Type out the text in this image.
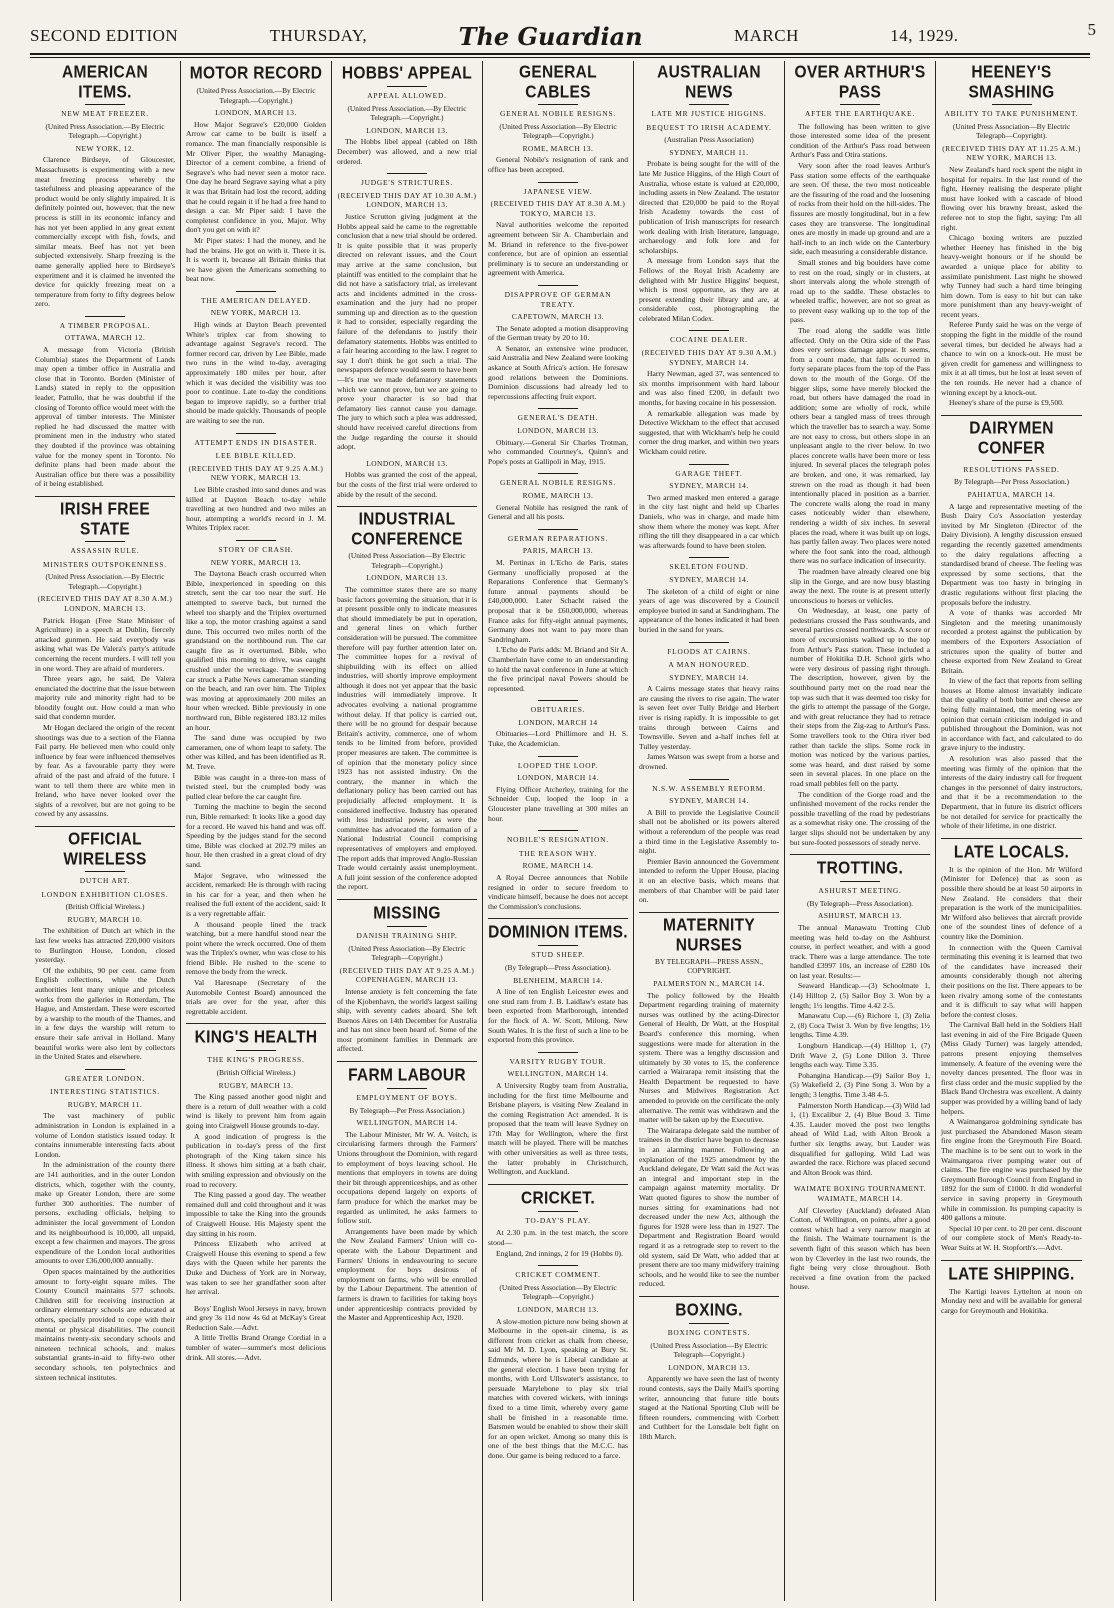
SECOND EDITION	THURSDAY,	The Guardian	MARCH	14, 1929.	5
AMERICAN ITEMS.
NEW MEAT FREEZER.
(United Press Association.—By Electric Telegraph.—Copyright.)
NEW YORK, 12.

Clarence Birdseye, of Gloucester, Massachusetts is experimenting with a new meat freezing process whereby the tastefulness and pleasing appearance of the product would be only slightly impaired. It is definitely pointed out, however, that the new process is still in its economic infancy and has not yet been applied in any great extent commercially except with fish, fowls, and similar meats. Beef has not yet been subjected extensively. Sharp freezing is the name generally applied here to Birdseye's experiment and it is claimed he invented the device for quickly freezing meat on a temperature from forty to fifty degrees below zero.

A TIMBER PROPOSAL.
OTTAWA, MARCH 12.

A message from Victoria (British Columbia) states the Department of Lands may open a timber office in Australia and close that in Toronto. Borden (Minister of Lands) stated in reply to the opposition leader, Pattullo, that he was doubtful if the closing of Toronto office would meet with the approval of timber interests. The Minister replied he had discussed the matter with prominent men in the industry who stated they doubted if the province was obtaining value for the money spent in Toronto. No definite plans had been made about the Australian office but there was a possibility of it being established.

IRISH FREE STATE
ASSASSIN RULE.
MINISTERS OUTSPOKENNESS.
(United Press Association.—By Electric Telegraph.—Copyright.)
(RECEIVED THIS DAY AT 8.30 A.M.) LONDON, MARCH 13.

Patrick Hogan (Free State Minister of Agriculture) in a speech at Dublin, fiercely attacked gunmen. He said everybody was asking what was De Valera's party's attitude concerning the recent murders. I will tell you in one word. They are afraid of murderers.

Three years ago, he said, De Valera enunciated the doctrine that the issue between majority rule and minority right had to be bloodily fought out. How could a man who said that condemn murder.

Mr Hogan declared the origin of the recent shootings was due to a section of the Fianna Fail party. He believed men who could only influence by fear were influenced themselves by fear. As a favourable party they were afraid of the past and afraid of the future. I want to tell them there are white men in Ireland, who have never looked over the sights of a revolver, but are not going to be cowed by any assassins.

OFFICIAL WIRELESS
DUTCH ART.
LONDON EXHIBITION CLOSES.
(British Official Wireless.)
RUGBY, MARCH 10.

The exhibition of Dutch art which in the last few weeks has attracted 220,000 visitors to Burlington House, London, closed yesterday.

Of the exhibits, 90 per cent. came from English collections, while the Dutch authorities lent many unique and priceless works from the galleries in Rotterdam, The Hague, and Amsterdam. These were escorted by a warship to the mouth of the Thames, and in a few days the warship will return to ensure their safe arrival in Holland. Many beautiful works were also lent by collectors in the United States and elsewhere.

GREATER LONDON.
INTERESTING STATISTICS.
RUGBY, MARCH 11.

The vast machinery of public administration in London is explained in a volume of London statistics issued today. It contains innumerable interesting facts about London.

In the administration of the county there are 141 authorities, and in the outer London districts, which, together with the county, make up Greater London, there are some further 300 authorities. The number of persons, excluding officials, helping to administer the local government of London and its neighbourhood is 10,000, all unpaid, except a few chairmen and mayors. The gross expenditure of the London local authorities amounts to over £36,000,000 annually.

Open spaces maintained by the authorities amount to forty-eight square miles. The County Council maintains 577 schools. Children still for receiving instruction at ordinary elementary schools are educated at others, specially provided to cope with their mental or physical disabilities. The council maintains twenty-six secondary schools and nineteen technical schools, and makes substantial grants-in-aid to fifty-two other secondary schools, ten polytechnics and sixteen technical institutes.

MOTOR RECORD
(United Press Association.—By Electric Telegraph.—Copyright.)
LONDON, MARCH 13.

How Major Segrave's £20,000 Golden Arrow car came to be built is itself a romance. The man financially responsible is Mr Oliver Piper, the wealthy Managing-Director of a cement combine, a friend of Segrave's who had never seen a motor race. One day he heard Segrave saying what a pity it was that Britain had lost the record, adding that he could regain it if he had a free hand to design a car. Mr Piper said: I have the completest confidence in you, Major. Why don't you get on with it?

Mr Piper states: I had the money, and he had the brains. He got on with it. There it is. It is worth it, because all Britain thinks that we have given the Americans something to beat now.

THE AMERICAN DELAYED.
NEW YORK, MARCH 13.

High winds at Dayton Beach prevented White's triplex car from showing to advantage against Segrave's record. The former record car, driven by Lee Bible, made two runs in the wind to-day, averaging approximately 180 miles per hour, after which it was decided the visibility was too poor to continue. Late to-day the conditions began to improve rapidly, so a further trial should be made quickly. Thousands of people are waiting to see the run.

ATTEMPT ENDS IN DISASTER.
LEE BIBLE KILLED.
(RECEIVED THIS DAY AT 9.25 A.M.) NEW YORK, MARCH 13.

Lee Bible crashed into sand dunes and was killed at Dayton Beach to-day while travelling at two hundred and two miles an hour, attempting a world's record in J. M. Whites Triplex racer.

STORY OF CRASH.
NEW YORK, MARCH 13.

The Daytona Beach crash occurred when Bible, inexperienced in speeding on this stretch, sent the car too near the surf. He attempted to swerve back, but turned the wheel too sharply and the Triplex overturned like a top, the motor crashing against a sand dune. This occurred two miles north of the grandstand on the northbound run. The car caught fire as it overturned. Bible, who qualified this morning to drive, was caught crushed under the wreckage. The sweeping car struck a Pathe News cameraman standing on the beach, and ran over him. The Triplex was moving at approximately 200 miles an hour when wrecked. Bible previously in one northward run, Bible registered 183.12 miles an hour.

The sand dune was occupied by two cameramen, one of whom leapt to safety. The other was killed, and has been identified as R. M. Treve.

Bible was caught in a three-ton mass of twisted steel, but the crumpled body was pulled clear before the car caught fire.

Turning the machine to begin the second run, Bible remarked: It looks like a good day for a record. He waved his hand and was off. Speeding by the judges stand for the second time, Bible was clocked at 202.79 miles an hour. He then crashed in a great cloud of dry sand.

Major Segrave, who witnessed the accident, remarked: He is through with racing in his car for a year, and then when he realised the full extent of the accident, said: It is a very regrettable affair.

A thousand people lined the track watching, but a mere handful stood near the point where the wreck occurred. One of them was the Triplex's owner, who was close to his friend Bible. He rushed to the scene to remove the body from the wreck.

Val Haresnape (Secretary of the Automobile Contest Board) announced the trials are over for the year, after this regrettable accident.

KING'S HEALTH
THE KING'S PROGRESS.
(British Official Wireless.)
RUGBY, MARCH 13.

The King passed another good night and there is a return of dull weather with a cold wind is likely to prevent him from again going into Craigwell House grounds to-day.

A good indication of progress is the publication in to-day's press of the first photograph of the King taken since his illness. It shows him sitting at a bath chair, with smiling expression and obviously on the road to recovery.

The King passed a good day. The weather remained dull and cold throughout and it was impossible to take the King into the grounds of Craigwell House. His Majesty spent the day sitting in his room.

Princess Elizabeth who arrived at Craigwell House this evening to spend a few days with the Queen while her parents the Duke and Duchess of York are in Norway, was taken to see her grandfather soon after her arrival.

Boys' English Wool Jerseys in navy, brown and grey 3s 11d now 4s 6d at McKay's Great Reduction Sale.—Advt.

A little Trellis Brand Orange Cordial in a tumbler of water—summer's most delicious drink. All stores.—Advt.

HOBBS' APPEAL
APPEAL ALLOWED.
(United Press Association.—By Electric Telegraph.—Copyright.)
LONDON, MARCH 13.

The Hobbs libel appeal (cabled on 18th December) was allowed, and a new trial ordered.

JUDGE'S STRICTURES.
(RECEIVED THIS DAY AT 10.30 A.M.) LONDON, MARCH 13.

Justice Scrutton giving judgment at the Hobbs appeal said he came to the regrettable conclusion that a new trial should be ordered. It is quite possible that it was properly directed on relevant issues, and the Court may arrive at the same conclusion, but plaintiff was entitled to the complaint that he did not have a satisfactory trial, as irrelevant acts and incidents admitted in the cross-examination and the jury had no proper summing up and direction as to the question it had to consider, especially regarding the failure of the defendants to justify their defamatory statements. Hobbs was entitled to a fair hearing according to the law. I regret to say I don't think he got such a trial. The newspapers defence would seem to have been—It's true we made defamatory statements which we cannot prove, but we are going to prove your character is so bad that defamatory lies cannot cause you damage. The jury to which such a plea was addressed, should have received careful directions from the Judge regarding the course it should adopt.

LONDON, MARCH 13.

Hobbs was granted the cost of the appeal, but the costs of the first trial were ordered to abide by the result of the second.

INDUSTRIAL CONFERENCE
(United Press Association—By Electric Telegraph—Copyright.)
LONDON, MARCH 13.

The committee states there are so many basic factors governing the situation, that it is at present possible only to indicate measures that should immediately be put in operation, and general lines on which further consideration will be pursued. The committee therefore will pay further attention later on. The committee hopes for a revival of shipbuilding with its effect on allied industries, will shortly improve employment although it does not yet appear that the basic industries will immediately improve. It advocates evolving a national programme without delay. If that policy is carried out, there will be no ground for despair because Britain's activity, commerce, one of whom tends to be limited from before, provided proper measures are taken. The committee is of opinion that the monetary policy since 1923 has not assisted industry. On the contrary, the manner in which the deflationary policy has been carried out has prejudicially affected employment. It is considered ineffective. Industry has operated with less industrial power, as were the committee has advocated the formation of a National Industrial Council comprising representatives of employers and employed. The report adds that improved Anglo-Russian Trade would certainly assist unemployment. A full joint session of the conference adopted the report.

MISSING
DANISH TRAINING SHIP.
(United Press Association—By Electric Telegraph—Copyright.)
(RECEIVED THIS DAY AT 9.25 A.M.) COPENHAGEN, MARCH 13.

Intense anxiety is felt concerning the fate of the Kjobenhavn, the world's largest sailing ship, with seventy cadets aboard. She left Buenos Aires on 14th December for Australia and has not since been heard of. Some of the most prominent families in Denmark are affected.

FARM LABOUR
EMPLOYMENT OF BOYS.
By Telegraph—Per Press Association.)
WELLINGTON, MARCH 14.

The Labour Minister, Mr W. A. Veitch, is circularising farmers through the Farmers' Unions throughout the Dominion, with regard to employment of boys leaving school. He mentions that employers in towns are doing their bit through apprenticeships, and as other occupations depend largely on exports of farm produce for which the market may be regarded as unlimited, he asks farmers to follow suit.

Arrangements have been made by which the New Zealand Farmers' Union will co-operate with the Labour Department and Farmers' Unions in endeavouring to secure employment for boys desirous of employment on farms, who will be enrolled by the Labour Department. The attention of farmers is drawn to facilities for taking boys under apprenticeship contracts provided by the Master and Apprenticeship Act, 1920.

GENERAL CABLES
GENERAL NOBILE RESIGNS.
(United Press Association—By Electric Telegraph—Copyright.)
ROME, MARCH 13.

General Nobile's resignation of rank and office has been accepted.

JAPANESE VIEW.
(RECEIVED THIS DAY AT 8.30 A.M.) TOKYO, MARCH 13.

Naval authorities welcome the reported agreement between Sir A. Chamberlain and M. Briand in reference to the five-power conference, but are of opinion an essential preliminary is to secure an understanding or agreement with America.

DISAPPROVE OF GERMAN TREATY.
CAPETOWN, MARCH 13.

The Senate adopted a motion disapproving of the German treaty by 20 to 10.

A Senator, an extensive wine producer, said Australia and New Zealand were looking askance at South Africa's action. He foresaw good relations between the Dominions. Dominion discussions had already led to repercussions affecting fruit export.

GENERAL'S DEATH.
LONDON, MARCH 13.

Obituary.—General Sir Charles Trotman, who commanded Courtney's, Quinn's and Pope's posts at Gallipoli in May, 1915.

GENERAL NOBILE RESIGNS.
ROME, MARCH 13.

General Nobile has resigned the rank of General and all his posts.

GERMAN REPARATIONS.
PARIS, MARCH 13.

M. Pertinax in L'Echo de Paris, states Germany unofficially proposed at the Reparations Conference that Germany's future annual payments should be £40,000,000. Later Schacht raised the proposal that it be £60,000,000, whereas France asks for fifty-eight annual payments, Germany does not want to pay more than Sandringham.

L'Echo de Paris adds: M. Briand and Sir A. Chamberlain have come to an understanding to hold the naval conference in June at which the five principal naval Powers should be represented.

OBITUARIES.
LONDON, MARCH 14

Obituaries—Lord Phillimore and H. S. Tuke, the Academician.

LOOPED THE LOOP.
LONDON, MARCH 14.

Flying Officer Atcherley, training for the Schneider Cup, looped the loop in a Gloucester plane travelling at 300 miles an hour.

NOBILE'S RESIGNATION.
THE REASON WHY.
ROME, MARCH 14.

A Royal Decree announces that Nobile resigned in order to secure freedom to vindicate himself, because he does not accept the Commission's conclusions.

DOMINION ITEMS.
STUD SHEEP.
(By Telegraph—Press Association).
BLENHEIM, MARCH 14.

A line of ten English Leicester ewes and one stud ram from J. B. Laidlaw's estate has been exported from Marlborough, intended for the flock of A. W. Scott, Milong, New South Wales. It is the first of such a line to be exported from this province.

VARSITY RUGBY TOUR.
WELLINGTON, MARCH 14.

A University Rugby team from Australia, including for the first time Melbourne and Brisbane players, is visiting New Zealand in the coming Registration Act amended. It is proposed that the team will leave Sydney on 17th May for Wellington, where the first match will be played. There will be matches with other universities as well as three tests, the latter probably in Christchurch, Wellington, and Auckland.

CRICKET.
TO-DAY'S PLAY.

At 2.30 p.m. in the test match, the score stood—

England, 2nd innings, 2 for 19 (Hobbs 0).

CRICKET COMMENT.
(United Press Association—By Electric Telegraph—Copyright.)
LONDON, MARCH 13.

A slow-motion picture now being shown at Melbourne in the open-air cinema, is as different from cricket as chalk from cheese, said Mr M. D. Lyon, speaking at Bury St. Edmunds, where he is Liberal candidate at the general election. I have been trying for months, with Lord Ullswater's assistance, to persuade Marylebone to play six trial matches with covered wickets, with innings fixed to a time limit, whereby every game shall be finished in a reasonable time. Batsmen would be enabled to show their skill for an open wicket. Among so many this is one of the best things that the M.C.C. has done. Our game is being reduced to a farce.

AUSTRALIAN NEWS
LATE MR JUSTICE HIGGINS.
BEQUEST TO IRISH ACADEMY.
(Australian Press Association)
SYDNEY, MARCH 11.

Probate is being sought for the will of the late Mr Justice Higgins, of the High Court of Australia, whose estate is valued at £20,000, including assets in New Zealand. The testator directed that £20,000 be paid to the Royal Irish Academy towards the cost of publication of Irish manuscripts for research work dealing with Irish literature, language, archaeology and folk lore and for scholarships.

A message from London says that the Fellows of the Royal Irish Academy are delighted with Mr Justice Higgins' bequest, which is most opportune, as they are at present extending their library and are, at considerable cost, photographing the celebrated Milan Codex.

COCAINE DEALER.
(RECEIVED THIS DAY AT 9.30 A.M.) SYDNEY, MARCH 14.

Harry Newman, aged 37, was sentenced to six months imprisonment with hard labour and was also fined £200, in default two months, for having cocaine in his possession.

A remarkable allegation was made by Detective Wickham to the effect that accused suggested, that with Wickham's help he could corner the drug market, and within two years Wickham could retire.

GARAGE THEFT.
SYDNEY, MARCH 14.

Two armed masked men entered a garage in the city last night and held up Charles Daniels, who was in charge, and made him show them where the money was kept. After rifling the till they disappeared in a car which was afterwards found to have been stolen.

SKELETON FOUND.
SYDNEY, MARCH 14.

The skeleton of a child of eight or nine years of age was discovered by a Council employee buried in sand at Sandringham. The appearance of the bones indicated it had been buried in the sand for years.

FLOODS AT CAIRNS.
A MAN HONOURED.
SYDNEY, MARCH 14.

A Cairns message states that heavy rains are causing the rivers to rise again. The water is seven feet over Tully Bridge and Herbert river is rising rapidly. It is impossible to get trains through between Cairns and Townsville. Seven and a-half inches fell at Tulley yesterday.

James Watson was swept from a horse and drowned.

N.S.W. ASSEMBLY REFORM.
SYDNEY, MARCH 14.

A Bill to provide the Legislative Council shall not be abolished or its powers altered without a referendum of the people was read a third time in the Legislative Assembly to-night.

Premier Bavin announced the Government intended to reform the Upper House, placing it on an elective basis, which means that members of that Chamber will be paid later on.

MATERNITY NURSES
BY TELEGRAPH—PRESS ASSN., COPYRIGHT.
PALMERSTON N., MARCH 14.

The policy followed by the Health Department regarding training of maternity nurses was outlined by the acting-Director General of Health, Dr Watt, at the Hospital Board's conference this morning, when suggestions were made for alteration in the system. There was a lengthy discussion and ultimately by 30 votes to 15, the conference carried a Wairarapa remit insisting that the Health Department be requested to have Nurses and Midwives Registration Act amended to provide on the certificate the only alternative. The remit was withdrawn and the matter will be taken up by the Executive.

The Wairarapa delegate said the number of trainees in the district have begun to decrease in an alarming manner. Following an explanation of the 1925 amendment by the Auckland delegate, Dr Watt said the Act was an integral and important step in the campaign against maternity mortality. Dr Watt quoted figures to show the number of nurses sitting for examinations had not decreased under the new Act, although the figures for 1928 were less than in 1927. The Department and Registration Board would regard it as a retrograde step to revert to the old system, said Dr Watt, who added that at present there are too many midwifery training schools, and he would like to see the number reduced.

BOXING.
BOXING CONTESTS.
(United Press Association—By Electric Telegraph—Copyright.)
LONDON, MARCH 13.

Apparently we have seen the last of twenty round contests, says the Daily Mail's sporting writer, announcing that future title bouts staged at the National Sporting Club will be fifteen rounders, commencing with Corbett and Cuthbert for the Lonsdale belt fight on 18th March.

OVER ARTHUR'S PASS
AFTER THE EARTHQUAKE.

The following has been written to give those interested some idea of the present condition of the Arthur's Pass road between Arthur's Pass and Otira stations.

Very soon after the road leaves Arthur's Pass station some effects of the earthquake are seen. Of these, the two most noticeable are the fissuring of the road and the loosening of rocks from their hold on the hill-sides. The fissures are mostly longitudinal, but in a few cases they are transverse. The longitudinal ones are mostly in made up ground and are a half-inch to an inch wide on the Canterbury side, each measuring a considerable distance.

Small stones and big boulders have come to rest on the road, singly or in clusters, at short intervals along the whole strength of road up to the saddle. These obstacles to wheeled traffic, however, are not so great as to prevent easy walking up to the top of the pass.

The road along the saddle was little affected. Only on the Otira side of the Pass does very serious damage appear. It seems, from a count made, that falls occurred in forty separate places from the top of the Pass down to the mouth of the Gorge. Of the bigger slips, some have merely blocked the road, but others have damaged the road in addition; some are wholly of rock, while others bear a tangled mass of trees through which the traveller has to search a way. Some are not easy to cross, but others slope in an unpleasant angle to the river below. In two places concrete walls have been more or less injured. In several places the telegraph poles are broken, and one, it was remarked, lay strewn on the road as though it had been intentionally placed in position as a barrier. The concrete walls along the road in many cases noticeably wider than elsewhere, rendering a width of six inches. In several places the road, where it was built up on logs, has partly fallen away. Two places were noted where the foot sank into the road, although there was no surface indication of insecurity.

The roadmen have already cleared one big slip in the Gorge, and are now busy blasting away the next. The route is at present utterly unconscious to horses or vehicles.

On Wednesday, at least, one party of pedestrians crossed the Pass southwards, and several parties crossed northwards. A score or more of excursionists walked up to the top from Arthur's Pass station. These included a number of Hokitika D.H. School girls who were very desirous of passing right through. The description, however, given by the southbound party met on the road near the top was such that it was deemed too risky for the girls to attempt the passage of the Gorge, and with great reluctance they had to retrace their steps from the Zig-zag to Arthur's Pass. Some travellers took to the Otira river bed rather than tackle the slips. Some rock in motion was noticed by the various parties, some was heard, and dust raised by some seen in several places. In one place on the road small pebbles fell on the party.

The condition of the Gorge road and the unfinished movement of the rocks render the possible travelling of the road by pedestrians as a somewhat risky one. The crossing of the larger slips should not be undertaken by any but sure-footed possessors of steady nerve.

TROTTING.
ASHURST MEETING.
(By Telegraph—Press Association).
ASHURST, MARCH 13.

The annual Manawatu Trotting Club meeting was held to-day on the Ashhurst course, in perfect weather, and with a good track. There was a large attendance. The tote handled £3997 10s, an increase of £280 10s on last year. Results:—

Seaward Handicap.—(3) Schoolmate 1, (14) Hilltop 2, (5) Sailor Boy 3. Won by a length; 1½ lengths. Time 4.42 2-5.

Manawatu Cup.—(6) Richore 1, (3) Zelia 2, (8) Coca Twist 3. Won by five lengths; 1½ lengths. Time 4.39.

Longburn Handicap.—(4) Hilltop 1, (7) Drift Wave 2, (5) Lone Dillon 3. Three lengths each way. Time 3.35.

Pohangina Handicap.—(9) Sailor Boy 1, (5) Wakefield 2, (3) Pine Song 3. Won by a length; 3 lengths. Time 3.48 4-5.

Palmerston North Handicap.—(3) Wild lad 1, (1) Excalibur 2, (4) Blue Boud 3. Time 4.35. Lauder moved the post two lengths ahead of Wild Lad, with Alton Brook a further six lengths away, but Lauder was disqualified for galloping. Wild Lad was awarded the race. Richore was placed second and Alton Brook was third.

WAIMATE BOXING TOURNAMENT. WAIMATE, MARCH 14.

Alf Cleverley (Auckland) defeated Alan Cotton, of Wellington, on points, after a good contest which had a very narrow margin at the finish. The Waimate tournament is the seventh fight of this season which has been won by Cleverley in the last two rounds, the fight being very close throughout. Both received a fine ovation from the packed house.

HEENEY'S SMASHING
ABILITY TO TAKE PUNISHMENT.
(United Press Association—By Electric Telegraph—Copyright).
(RECEIVED THIS DAY AT 11.25 A.M.) NEW YORK, MARCH 13.

New Zealand's hard rock spent the night in hospital for repairs. In the last round of the fight, Heeney realising the desperate plight must have looked with a cascade of blood flowing over his brawny breast, asked the referee not to stop the fight, saying: I'm all right.

Chicago boxing writers are puzzled whether Heeney has finished in the big heavy-weight honours or if he should be awarded a unique place for ability to assimilate punishment. Last night he showed why Tunney had such a hard time bringing him down. Tom is easy to hit but can take more punishment than any heavy-weight of recent years.

Referee Purdy said he was on the verge of stopping the fight in the middle of the round several times, but decided he always had a chance to win on a knock-out. He must be given credit for gameness and willingness to mix it at all times, but he lost at least seven of the ten rounds. He never had a chance of winning except by a knock-out.

Heeney's share of the purse is £9,500.

DAIRYMEN CONFER
RESOLUTIONS PASSED.
By Telegraph—Per Press Association.)
PAHIATUA, MARCH 14.

A large and representative meeting of the Bush Dairy Co's Association yesterday invited by Mr Singleton (Director of the Dairy Division). A lengthy discussion ensued regarding the recently gazetted amendments to the dairy regulations affecting a standardised brand of cheese. The feeling was expressed by some sections, that the Department was too hasty in bringing in drastic regulations without first placing the proposals before the industry.

A vote of thanks was accorded Mr Singleton and the meeting unanimously recorded a protest against the publication by members of the Exporters Association of strictures upon the quality of butter and cheese exported from New Zealand to Great Britain.

In view of the fact that reports from selling houses at Home almost invariably indicate that the quality of both butter and cheese are being fully maintained, the meeting was of opinion that certain criticism indulged in and published throughout the Dominion, was not in accordance with fact, and calculated to do grave injury to the industry.

A resolution was also passed that the meeting was firmly of the opinion that the interests of the dairy industry call for frequent changes in the personnel of dairy instructors, and that it be a recommendation to the Department, that in future its district officers be not detailed for service for practically the whole of their lifetime, in one district.

LATE LOCALS.

It is the opinion of the Hon. Mr Wilford (Minister for Defence) that as soon as possible there should be at least 50 airports in New Zealand. He considers that their preparation is the work of the municipalities. Mr Wilford also believes that aircraft provide one of the soundest lines of defence of a country like the Dominion.

In connection with the Queen Carnival terminating this evening it is learned that two of the candidates have increased their amounts considerably though not altering their positions on the list. There appears to be keen rivalry among some of the contestants and it is difficult to say what will happen before the contest closes.

The Carnival Ball held in the Soldiers Hall last evening in aid of the Fire Brigade Queen (Miss Glady Turner) was largely attended, patrons present enjoying themselves immensely. A feature of the evening were the novelty dances presented. The floor was in first class order and the music supplied by the Black Band Orchestra was excellent. A dainty supper was provided by a willing band of lady helpers.

A Waimangaroa goldmining syndicate has just purchased the Abandoned Mason steam fire engine from the Greymouth Fire Board. The machine is to be sent out to work in the Waimangaroa river pumping water out of claims. The fire engine was purchased by the Greymouth Borough Council from England in 1892 for the sum of £1000. It did wonderful service in saving property in Greymouth while in commission. Its pumping capacity is 400 gallons a minute.

Special 10 per cent. to 20 per cent. discount of our complete stock of Men's Ready-to-Wear Suits at W. H. Stopforth's.—Advt.

LATE SHIPPING.

The Kartigi leaves Lyttelton at noon on Monday next and will be available for general cargo for Greymouth and Hokitika.
